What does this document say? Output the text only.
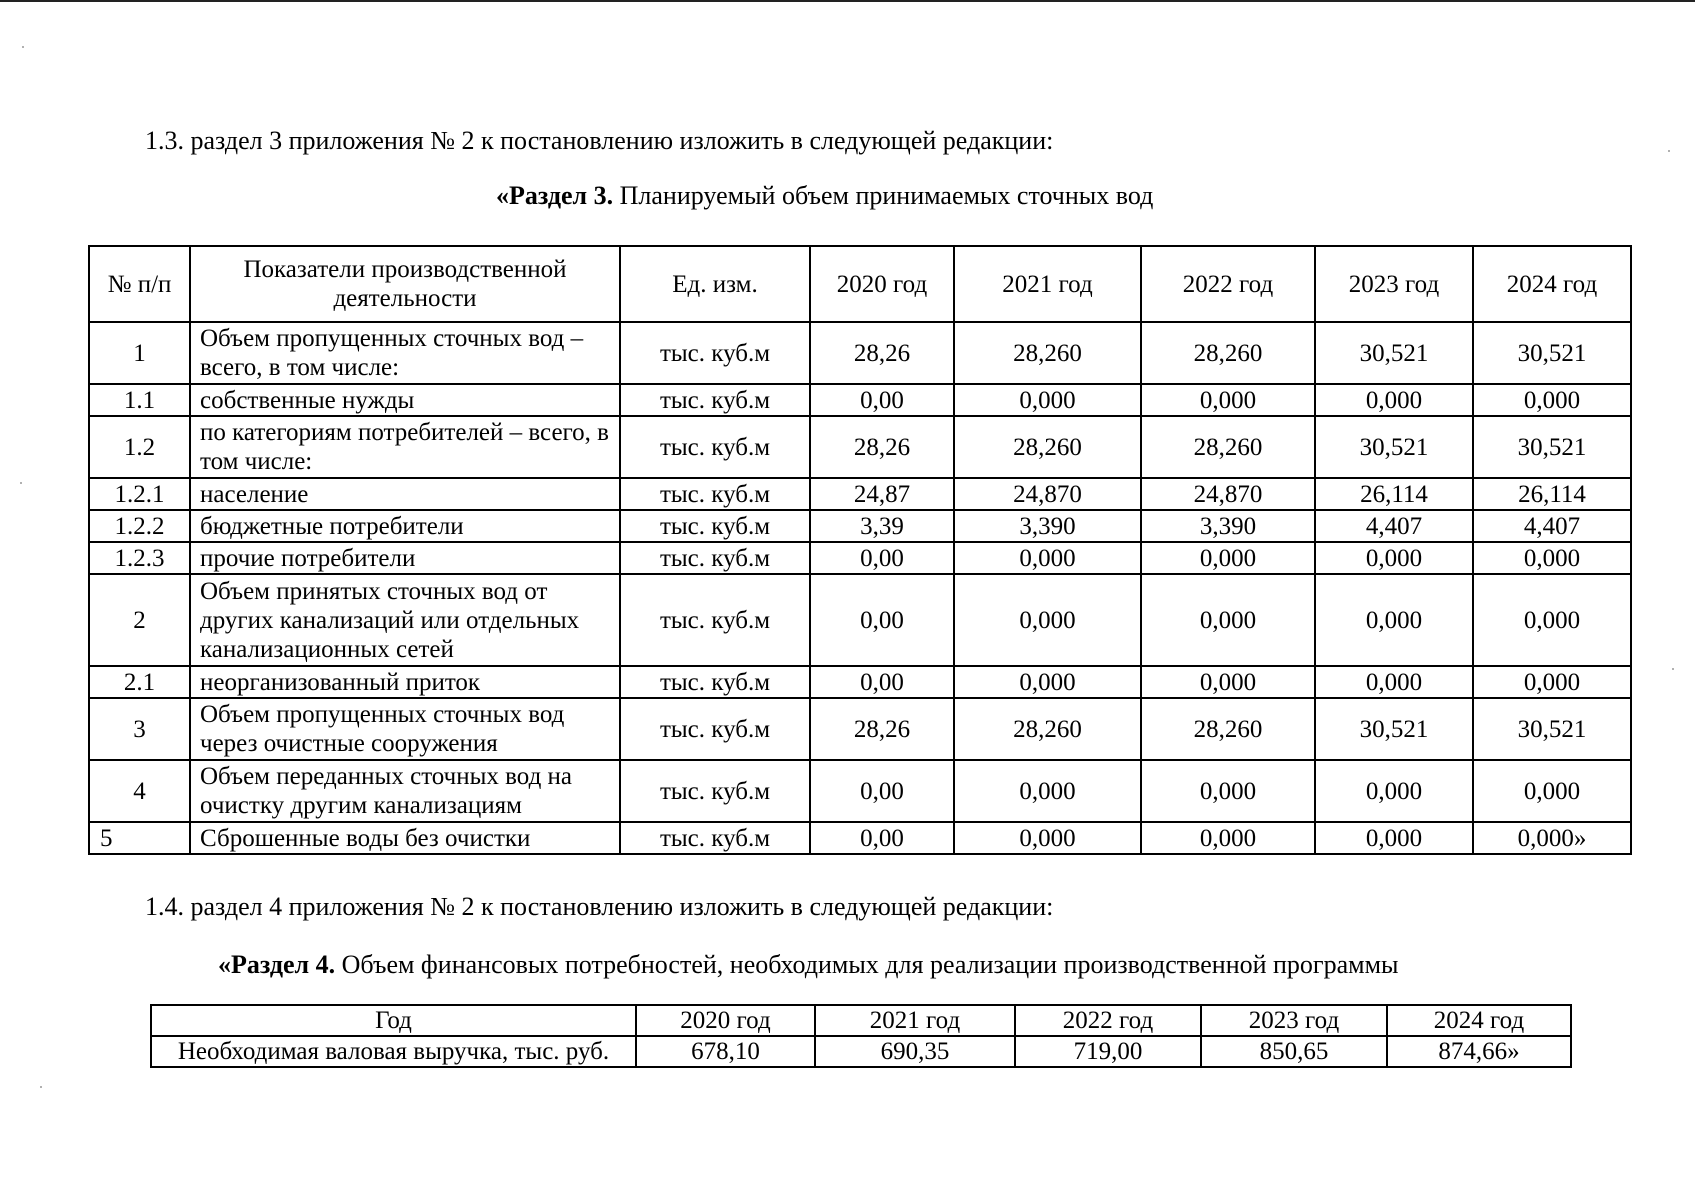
1.3. раздел 3 приложения № 2 к постановлению изложить в следующей редакции:
«Раздел 3. Планируемый объем принимаемых сточных вод
№ п/п	Показатели производственной деятельности	Ед. изм.	2020 год	2021 год	2022 год	2023 год	2024 год
1	Объем пропущенных сточных вод – всего, в том числе:	тыс. куб.м	28,26	28,260	28,260	30,521	30,521
1.1	собственные нужды	тыс. куб.м	0,00	0,000	0,000	0,000	0,000
1.2	по категориям потребителей – всего, в том числе:	тыс. куб.м	28,26	28,260	28,260	30,521	30,521
1.2.1	население	тыс. куб.м	24,87	24,870	24,870	26,114	26,114
1.2.2	бюджетные потребители	тыс. куб.м	3,39	3,390	3,390	4,407	4,407
1.2.3	прочие потребители	тыс. куб.м	0,00	0,000	0,000	0,000	0,000
2	Объем принятых сточных вод от других канализаций или отдельных канализационных сетей	тыс. куб.м	0,00	0,000	0,000	0,000	0,000
2.1	неорганизованный приток	тыс. куб.м	0,00	0,000	0,000	0,000	0,000
3	Объем пропущенных сточных вод через очистные сооружения	тыс. куб.м	28,26	28,260	28,260	30,521	30,521
4	Объем переданных сточных вод на очистку другим канализациям	тыс. куб.м	0,00	0,000	0,000	0,000	0,000
5	Сброшенные воды без очистки	тыс. куб.м	0,00	0,000	0,000	0,000	0,000»
1.4. раздел 4 приложения № 2 к постановлению изложить в следующей редакции:
«Раздел 4. Объем финансовых потребностей, необходимых для реализации производственной программы
Год	2020 год	2021 год	2022 год	2023 год	2024 год
Необходимая валовая выручка, тыс. руб.	678,10	690,35	719,00	850,65	874,66»
